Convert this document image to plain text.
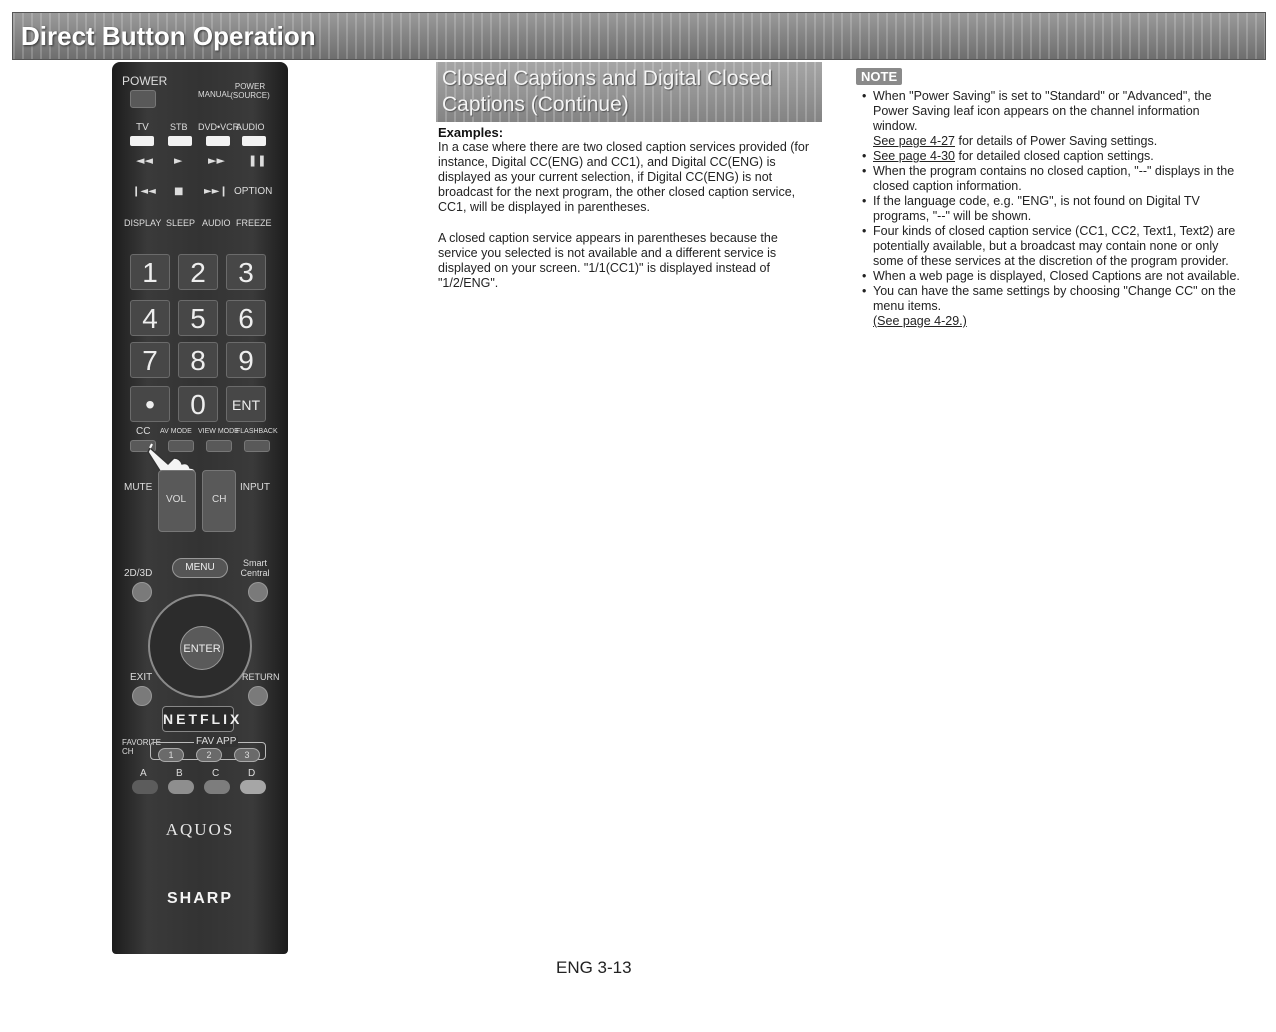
Direct Button Operation
POWER
MANUAL
POWER (SOURCE)
TV STB DVD•VCR
AUDIO
◄◄ ► ►► ❚❚
❙◄◄ ■ ►►❙ OPTION
DISPLAY SLEEP AUDIO FREEZE
1	2	3
4	5	6
7	8	9
•	0	ENT
CC AV MODE VIEW MODE
FLASHBACK
MUTE
VOL	CH
INPUT
2D/3D
MENU	Smart Central
ENTER
EXIT	RETURN
NETFLIX
FAVORITE CH
FAV APP
1	2	3
A	B	C	D
AQUOS
SHARP
Closed Captions and Digital Closed Captions (Continue)
Examples:
In a case where there are two closed caption services provided (for instance, Digital CC(ENG) and CC1), and Digital CC(ENG) is displayed as your current selection, if Digital CC(ENG) is not broadcast for the next program, the other closed caption service, CC1, will be displayed in parentheses.
A closed caption service appears in parentheses because the service you selected is not available and a different service is displayed on your screen. "1/1(CC1)" is displayed instead of "1/2/ENG".
NOTE
• When "Power Saving" is set to "Standard" or "Advanced", the Power Saving leaf icon appears on the channel information window.
See page 4-27 for details of Power Saving settings.
• See page 4-30 for detailed closed caption settings.
• When the program contains no closed caption, "--" displays in the closed caption information.
• If the language code, e.g. "ENG", is not found on Digital TV programs, "--" will be shown.
• Four kinds of closed caption service (CC1, CC2, Text1, Text2) are potentially available, but a broadcast may contain none or only some of these services at the discretion of the program provider.
• When a web page is displayed, Closed Captions are not available.
• You can have the same settings by choosing "Change CC" on the menu items.
(See page 4-29.)
ENG 3-13
